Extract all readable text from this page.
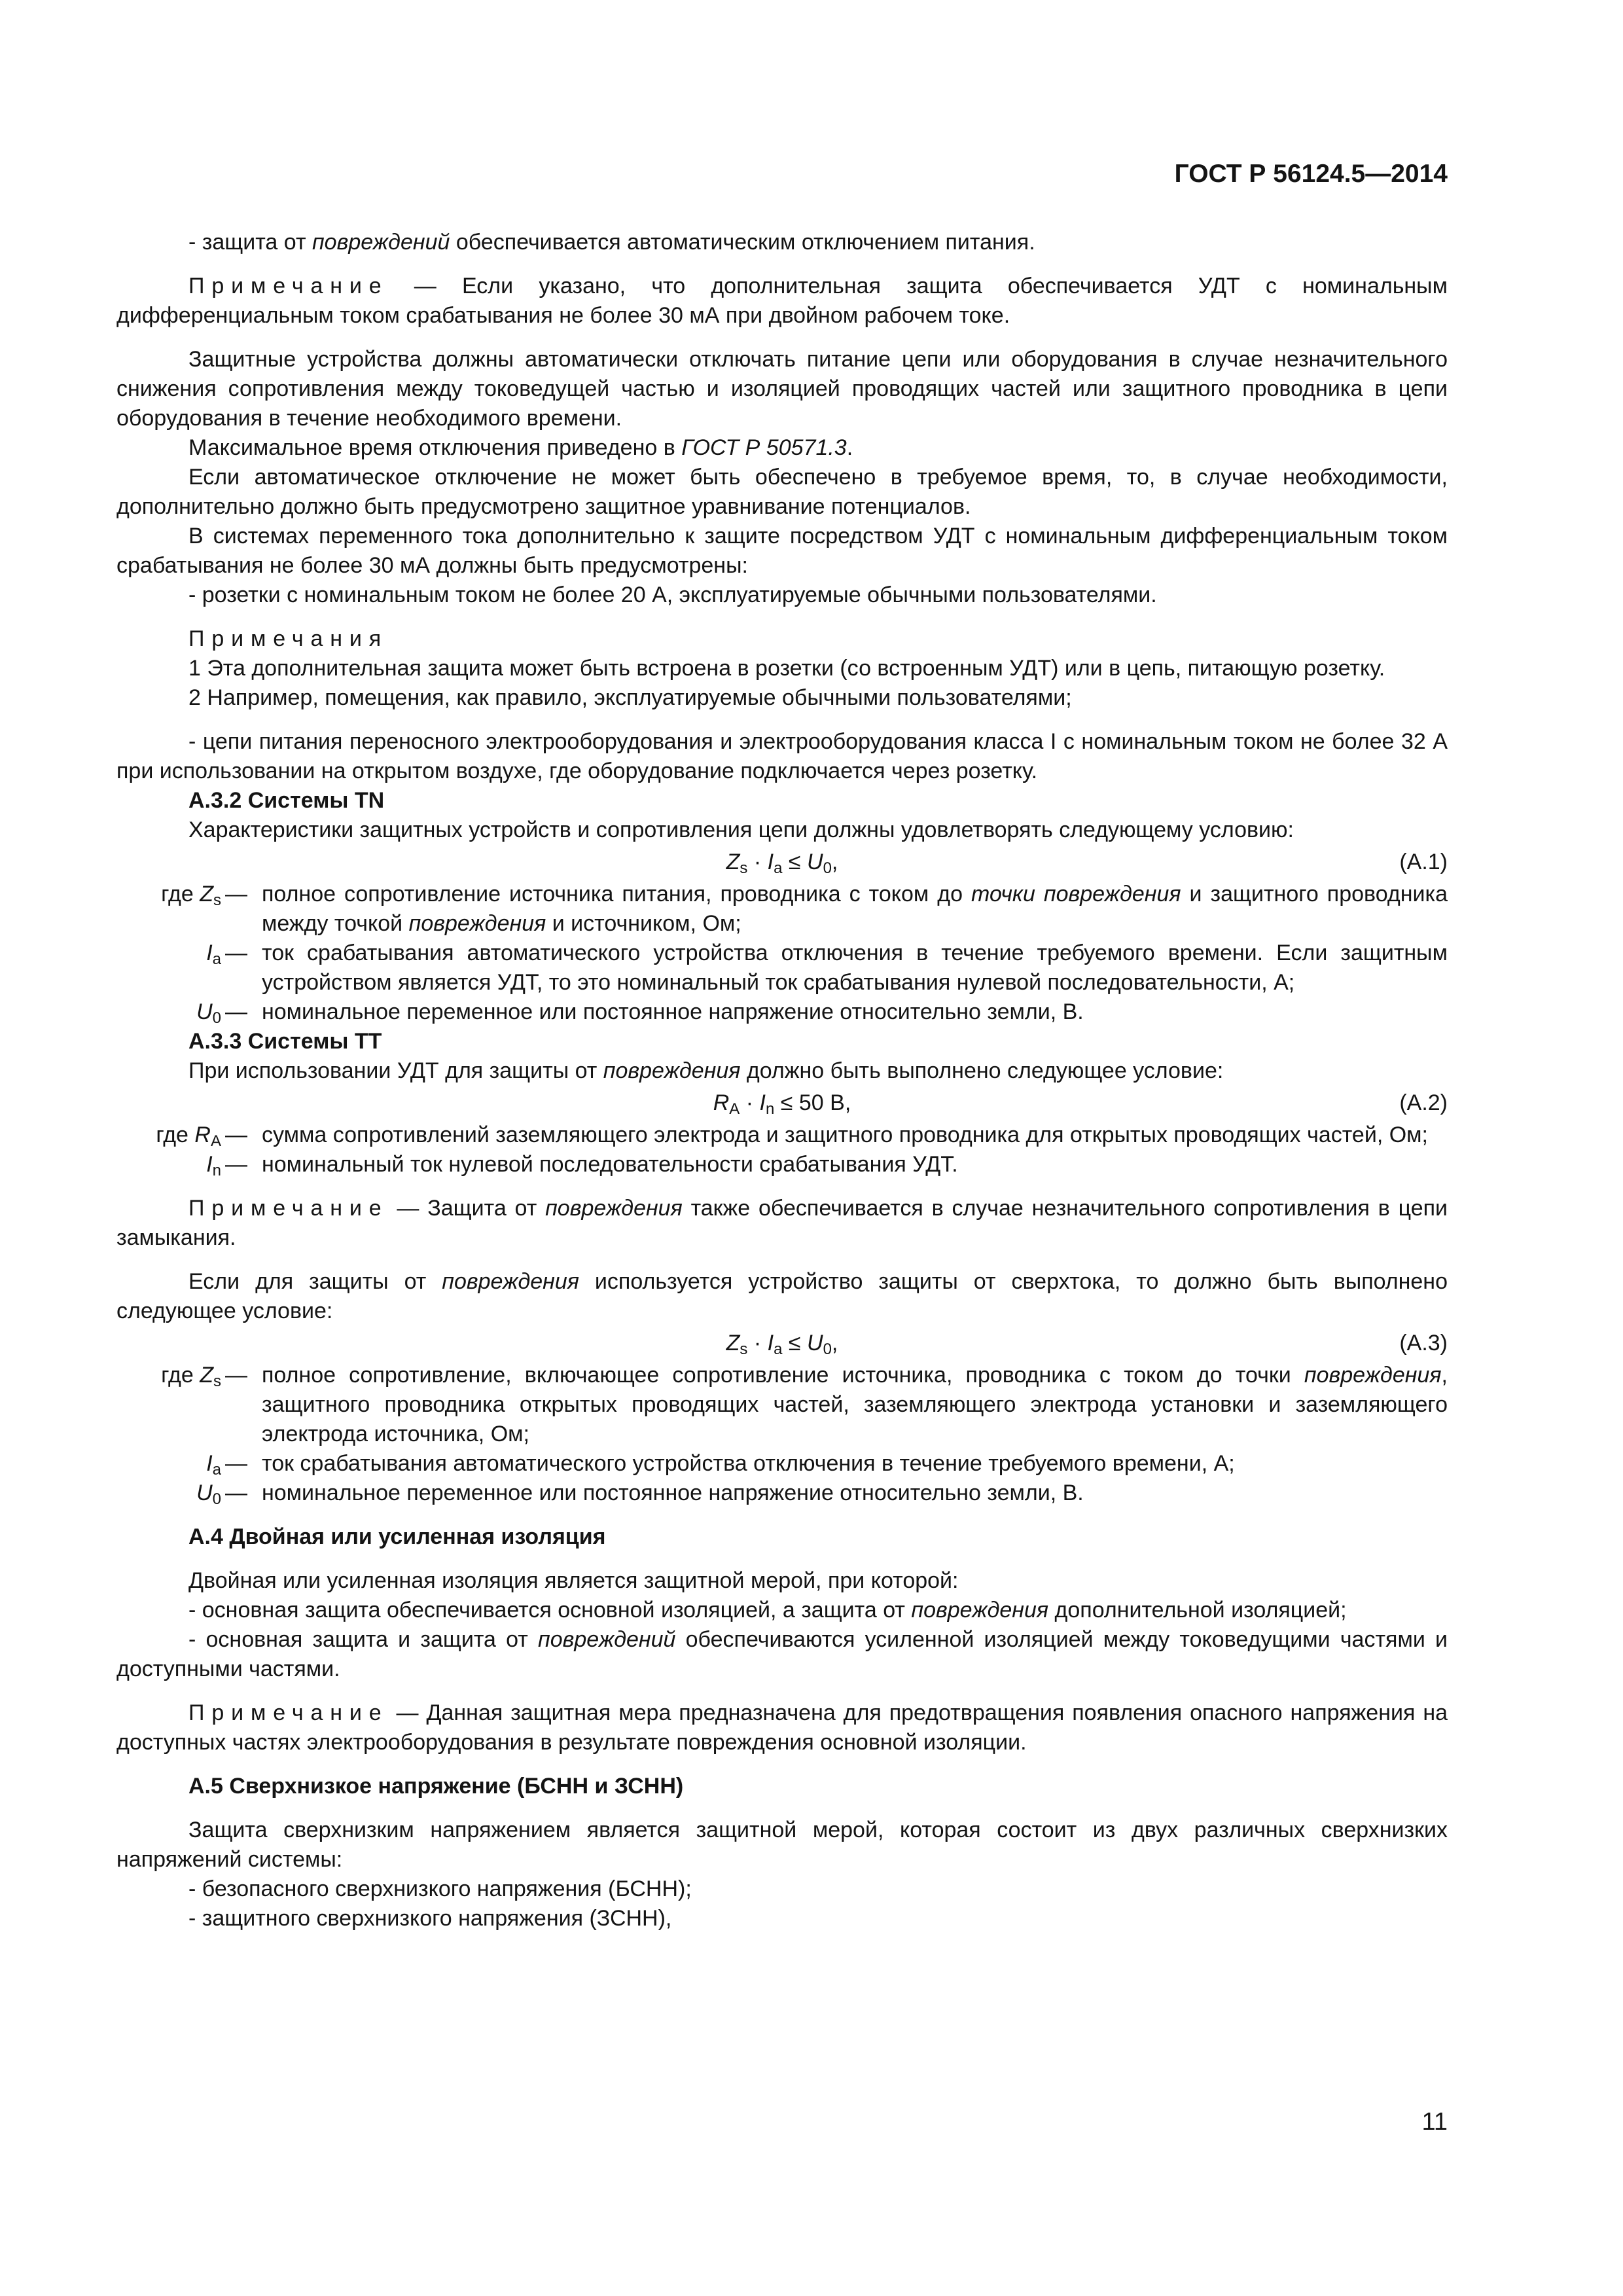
ГОСТ Р 56124.5—2014

- защита от повреждений обеспечивается автоматическим отключением питания.

Примечание — Если указано, что дополнительная защита обеспечивается УДТ с номинальным дифференциальным током срабатывания не более 30 мА при двойном рабочем токе.

Защитные устройства должны автоматически отключать питание цепи или оборудования в случае незначительного снижения сопротивления между токоведущей частью и изоляцией проводящих частей или защитного проводника в цепи оборудования в течение необходимого времени.

Максимальное время отключения приведено в ГОСТ Р 50571.3.

Если автоматическое отключение не может быть обеспечено в требуемое время, то, в случае необходимости, дополнительно должно быть предусмотрено защитное уравнивание потенциалов.

В системах переменного тока дополнительно к защите посредством УДТ с номинальным дифференциальным током срабатывания не более 30 мА должны быть предусмотрены:

- розетки с номинальным током не более 20 А, эксплуатируемые обычными пользователями.

Примечания

1 Эта дополнительная защита может быть встроена в розетки (со встроенным УДТ) или в цепь, питающую розетку.

2 Например, помещения, как правило, эксплуатируемые обычными пользователями;

- цепи питания переносного электрооборудования и электрооборудования класса I с номинальным током не более 32 А при использовании на открытом воздухе, где оборудование подключается через розетку.

А.3.2 Системы TN

Характеристики защитных устройств и сопротивления цепи должны удовлетворять следующему условию:

$Z_s \cdot I_a \le U_0$,	(А.1)
где $Z_s$ — полное сопротивление источника питания, проводника с током до точки повреждения и защитного проводника между точкой повреждения и источником, Ом;
$I_a$ — ток срабатывания автоматического устройства отключения в течение требуемого времени. Если защитным устройством является УДТ, то это номинальный ток срабатывания нулевой последовательности, А;
$U_0$ — номинальное переменное или постоянное напряжение относительно земли, В.

А.3.3 Системы TT

При использовании УДТ для защиты от повреждения должно быть выполнено следующее условие:

$R_A \cdot I_n \le 50$ В,	(А.2)
где $R_A$ — сумма сопротивлений заземляющего электрода и защитного проводника для открытых проводящих частей, Ом;
$I_n$ — номинальный ток нулевой последовательности срабатывания УДТ.

Примечание — Защита от повреждения также обеспечивается в случае незначительного сопротивления в цепи замыкания.

Если для защиты от повреждения используется устройство защиты от сверхтока, то должно быть выполнено следующее условие:

$Z_s \cdot I_a \le U_0$,	(А.3)
где $Z_s$ — полное сопротивление, включающее сопротивление источника, проводника с током до точки повреждения, защитного проводника открытых проводящих частей, заземляющего электрода установки и заземляющего электрода источника, Ом;
$I_a$ — ток срабатывания автоматического устройства отключения в течение требуемого времени, А;
$U_0$ — номинальное переменное или постоянное напряжение относительно земли, В.

А.4 Двойная или усиленная изоляция

Двойная или усиленная изоляция является защитной мерой, при которой:

- основная защита обеспечивается основной изоляцией, а защита от повреждения дополнительной изоляцией;

- основная защита и защита от повреждений обеспечиваются усиленной изоляцией между токоведущими частями и доступными частями.

Примечание — Данная защитная мера предназначена для предотвращения появления опасного напряжения на доступных частях электрооборудования в результате повреждения основной изоляции.

А.5 Сверхнизкое напряжение (БСНН и ЗСНН)

Защита сверхнизким напряжением является защитной мерой, которая состоит из двух различных сверхнизких напряжений системы:

- безопасного сверхнизкого напряжения (БСНН);

- защитного сверхнизкого напряжения (ЗСНН),

11
